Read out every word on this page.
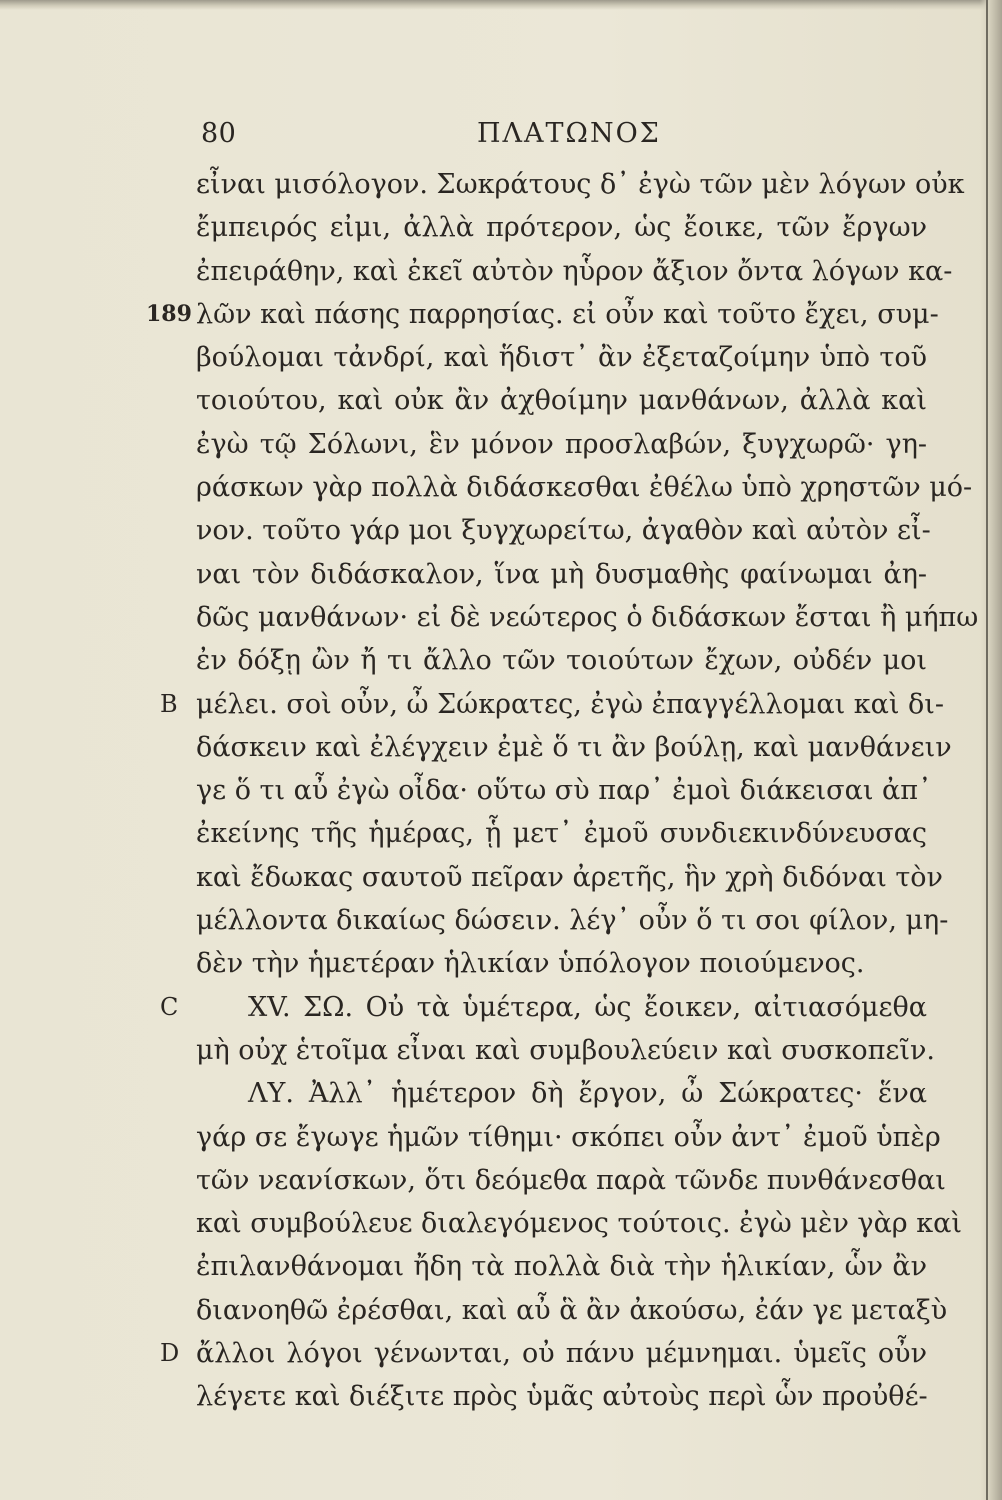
80	ΠΛΑΤΩΝΟΣ
εἶναι μισόλογον. Σωκράτους δ᾽ ἐγὼ τῶν μὲν λόγων οὐκ
ἔμπειρός εἰμι, ἀλλὰ πρότερον, ὡς ἔοικε, τῶν ἔργων
ἐπειράθην, καὶ ἐκεῖ αὐτὸν ηὗρον ἄξιον ὄντα λόγων κα-
189 λῶν καὶ πάσης παρρησίας. εἰ οὖν καὶ τοῦτο ἔχει, συμ-
βούλομαι τἀνδρί, καὶ ἥδιστ᾽ ἂν ἐξεταζοίμην ὑπὸ τοῦ
τοιούτου, καὶ οὐκ ἂν ἀχθοίμην μανθάνων, ἀλλὰ καὶ
ἐγὼ τῷ Σόλωνι, ἓν μόνον προσλαβών, ξυγχωρῶ· γη-
ράσκων γὰρ πολλὰ διδάσκεσθαι ἐθέλω ὑπὸ χρηστῶν μό-
νον. τοῦτο γάρ μοι ξυγχωρείτω, ἀγαθὸν καὶ αὐτὸν εἶ-
ναι τὸν διδάσκαλον, ἵνα μὴ δυσμαθὴς φαίνωμαι ἀη-
δῶς μανθάνων· εἰ δὲ νεώτερος ὁ διδάσκων ἔσται ἢ μήπω
ἐν δόξῃ ὢν ἤ τι ἄλλο τῶν τοιούτων ἔχων, οὐδέν μοι
B μέλει. σοὶ οὖν, ὦ Σώκρατες, ἐγὼ ἐπαγγέλλομαι καὶ δι-
δάσκειν καὶ ἐλέγχειν ἐμὲ ὅ τι ἂν βούλῃ, καὶ μανθάνειν
γε ὅ τι αὖ ἐγὼ οἶδα· οὕτω σὺ παρ᾽ ἐμοὶ διάκεισαι ἀπ᾽
ἐκείνης τῆς ἡμέρας, ᾗ μετ᾽ ἐμοῦ συνδιεκινδύνευσας
καὶ ἔδωκας σαυτοῦ πεῖραν ἀρετῆς, ἣν χρὴ διδόναι τὸν
μέλλοντα δικαίως δώσειν. λέγ᾽ οὖν ὅ τι σοι φίλον, μη-
δὲν τὴν ἡμετέραν ἡλικίαν ὑπόλογον ποιούμενος.
C	XV. ΣΩ. Οὐ τὰ ὑμέτερα, ὡς ἔοικεν, αἰτιασόμεθα
μὴ οὐχ ἑτοῖμα εἶναι καὶ συμβουλεύειν καὶ συσκοπεῖν.
ΛΥ. Ἀλλ᾽ ἡμέτερον δὴ ἔργον, ὦ Σώκρατες· ἕνα
γάρ σε ἔγωγε ἡμῶν τίθημι· σκόπει οὖν ἀντ᾽ ἐμοῦ ὑπὲρ
τῶν νεανίσκων, ὅτι δεόμεθα παρὰ τῶνδε πυνθάνεσθαι
καὶ συμβούλευε διαλεγόμενος τούτοις. ἐγὼ μὲν γὰρ καὶ
ἐπιλανθάνομαι ἤδη τὰ πολλὰ διὰ τὴν ἡλικίαν, ὧν ἂν
διανοηθῶ ἐρέσθαι, καὶ αὖ ἃ ἂν ἀκούσω, ἐάν γε μεταξὺ
D ἄλλοι λόγοι γένωνται, οὐ πάνυ μέμνημαι. ὑμεῖς οὖν
λέγετε καὶ διέξιτε πρὸς ὑμᾶς αὐτοὺς περὶ ὧν προὐθέ-
